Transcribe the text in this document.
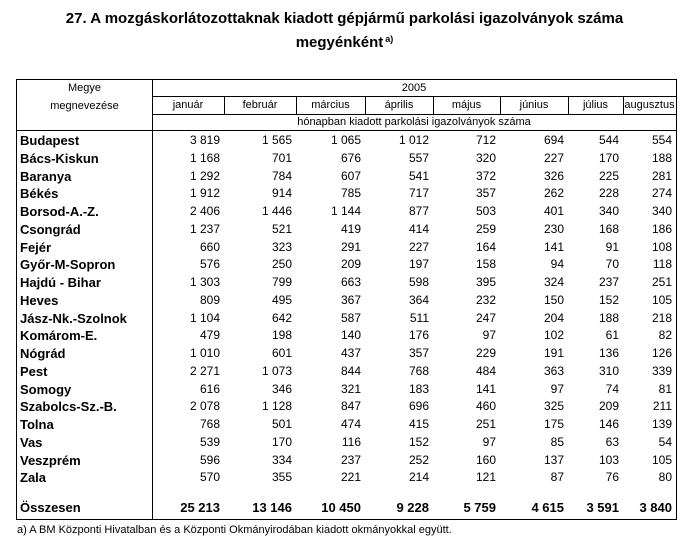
27. A mozgáskorlátozottaknak kiadott gépjármű parkolási igazolványok száma
megyénként $^{a)}$
Megye
megnevezése
2005
hónapban kiadott parkolási igazolványok száma
január	február	március	április	május	június	július	augusztus
Budapest	3 819	1 565	1 065	1 012	712	694	544	554
Bács-Kiskun	1 168	701	676	557	320	227	170	188
Baranya	1 292	784	607	541	372	326	225	281
Békés	1 912	914	785	717	357	262	228	274
Borsod-A.-Z.	2 406	1 446	1 144	877	503	401	340	340
Csongrád	1 237	521	419	414	259	230	168	186
Fejér	660	323	291	227	164	141	91	108
Győr-M-Sopron	576	250	209	197	158	94	70	118
Hajdú - Bihar	1 303	799	663	598	395	324	237	251
Heves	809	495	367	364	232	150	152	105
Jász-Nk.-Szolnok	1 104	642	587	511	247	204	188	218
Komárom-E.	479	198	140	176	97	102	61	82
Nógrád	1 010	601	437	357	229	191	136	126
Pest	2 271	1 073	844	768	484	363	310	339
Somogy	616	346	321	183	141	97	74	81
Szabolcs-Sz.-B.	2 078	1 128	847	696	460	325	209	211
Tolna	768	501	474	415	251	175	146	139
Vas	539	170	116	152	97	85	63	54
Veszprém	596	334	237	252	160	137	103	105
Zala	570	355	221	214	121	87	76	80
Összesen	25 213	13 146	10 450	9 228	5 759	4 615	3 591	3 840
a) A BM Központi Hivatalban és a Központi Okmányirodában kiadott okmányokkal együtt.
